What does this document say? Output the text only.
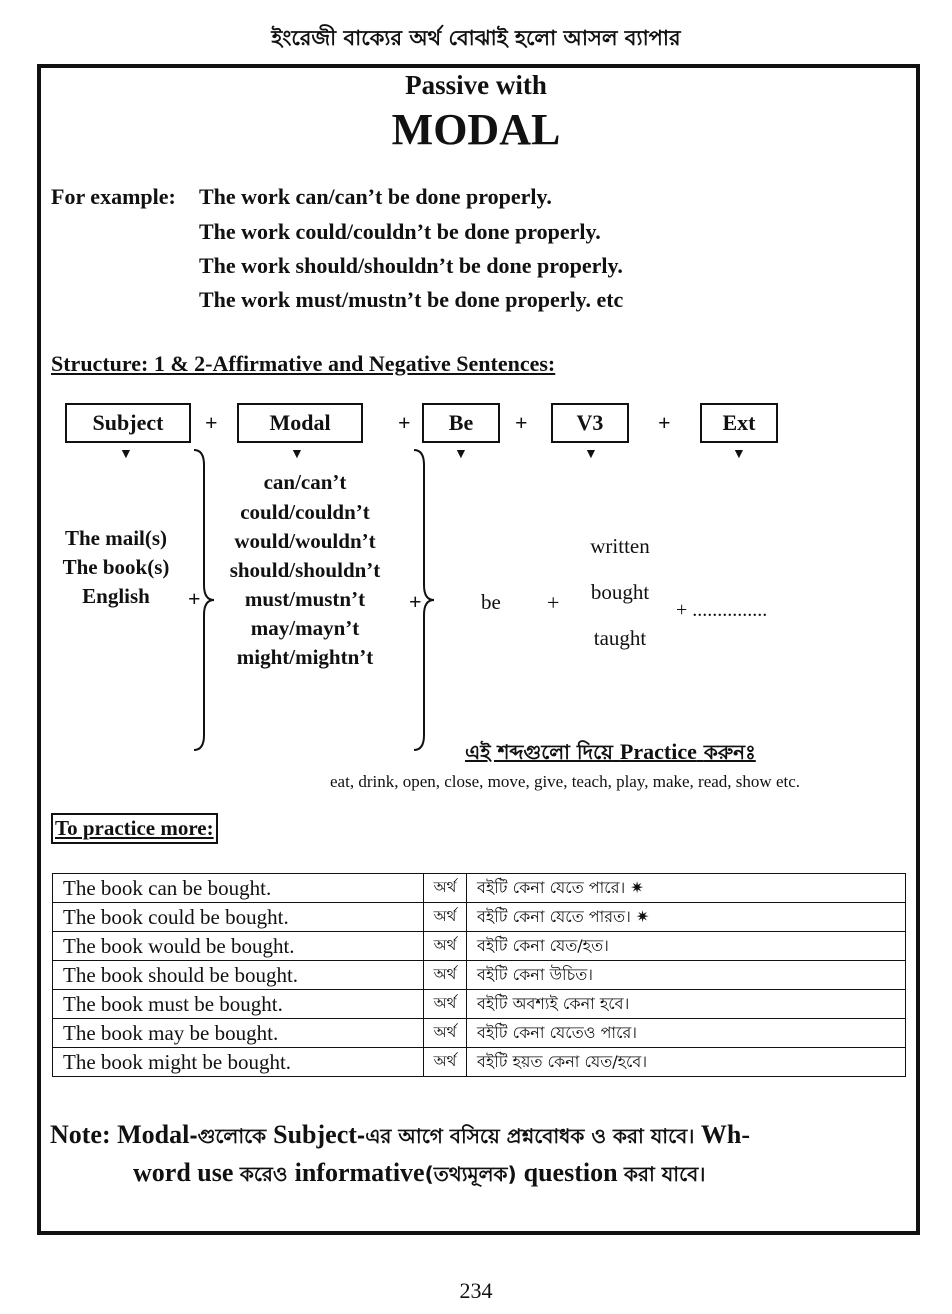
ইংরেজী বাক্যের অর্থ বোঝাই হলো আসল ব্যাপার
Passive with
MODAL
For example: The work can/can’t be done properly.
The work could/couldn’t be done properly.
The work should/shouldn’t be done properly.
The work must/mustn’t be done properly. etc
Structure: 1 & 2-Affirmative and Negative Sentences:
Subject	+	Modal	+	Be	+	V3	+	Ext
▼	▼	▼	▼	▼
The mail(s)
The book(s)
English	+
can/can’t
could/couldn’t
would/wouldn’t
should/shouldn’t
must/mustn’t
may/mayn’t
might/mightn’t
+	be +
written
bought
taught
+ ...............
এই শব্দগুলো দিয়ে Practice করুনঃ
eat, drink, open, close, move, give, teach, play, make, read, show etc.
To practice more:
The book can be bought.	অর্থ	বইটি কেনা যেতে পারে। ✷
The book could be bought.	অর্থ	বইটি কেনা যেতে পারত। ✷
The book would be bought.	অর্থ	বইটি কেনা যেত/হত।
The book should be bought.	অর্থ	বইটি কেনা উচিত।
The book must be bought.	অর্থ	বইটি অবশ্যই কেনা হবে।
The book may be bought.	অর্থ	বইটি কেনা যেতেও পারে।
The book might be bought.	অর্থ	বইটি হয়ত কেনা যেত/হবে।
Note: Modal-গুলোকে Subject-এর আগে বসিয়ে প্রশ্নবোধক ও করা যাবে। Wh-
word use করেও informative(তথ্যমূলক) question করা যাবে।
234
